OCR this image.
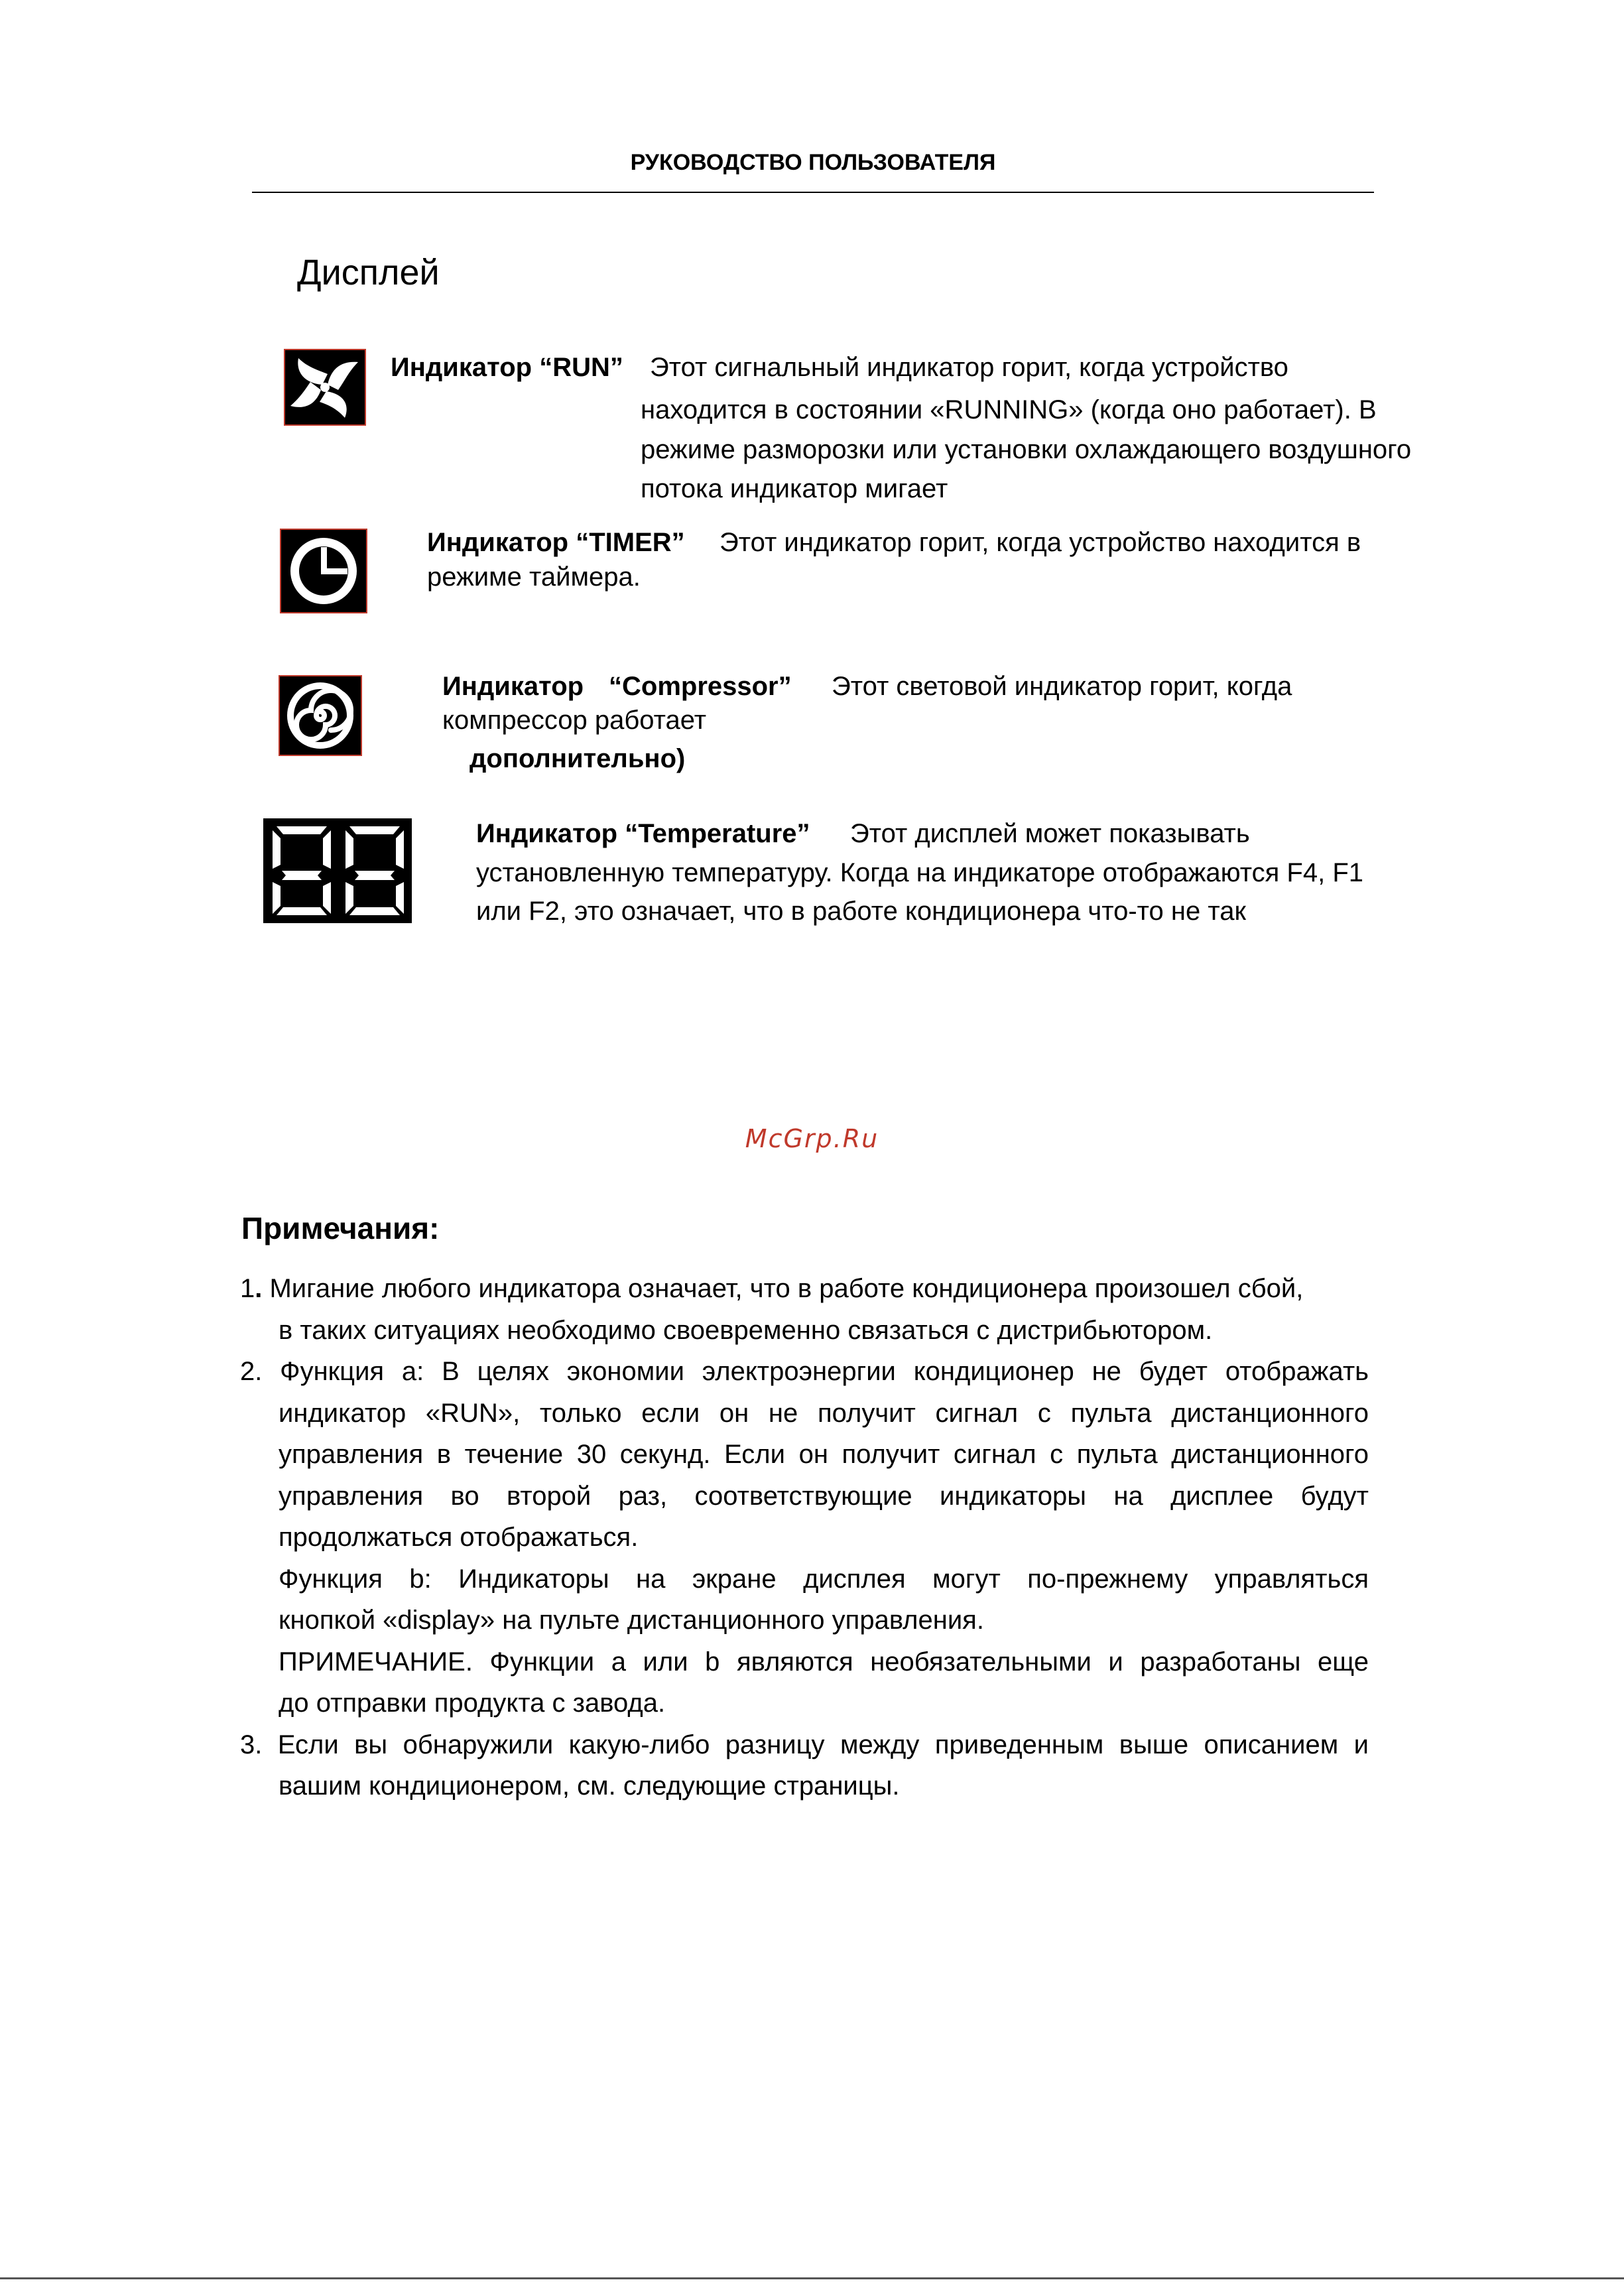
РУКОВОДСТВО ПОЛЬЗОВАТЕЛЯ
Дисплей
Индикатор “RUN” Этот сигнальный индикатор горит, когда устройство
находится в состоянии «RUNNING» (когда оно работает). В
режиме разморозки или установки охлаждающего воздушного
потока индикатор мигает
Индикатор “TIMER” Этот индикатор горит, когда устройство находится в
режиме таймера.
Индикатор “Compressor” Этот световой индикатор горит, когда
компрессор работает
дополнительно)
Индикатор “Temperature” Этот дисплей может показывать
установленную температуру. Когда на индикаторе отображаются F4, F1
или F2, это означает, что в работе кондиционера что-то не так
McGrp.Ru
Примечания:
1. Мигание любого индикатора означает, что в работе кондиционера произошел сбой,
в таких ситуациях необходимо своевременно связаться с дистрибьютором.
2. Функция a: В целях экономии электроэнергии кондиционер не будет отображать
индикатор «RUN», только если он не получит сигнал с пульта дистанционного
управления в течение 30 секунд. Если он получит сигнал с пульта дистанционного
управления во второй раз, соответствующие индикаторы на дисплее будут
продолжаться отображаться.
Функция b: Индикаторы на экране дисплея могут по-прежнему управляться
кнопкой «display» на пульте дистанционного управления.
ПРИМЕЧАНИЕ. Функции a или b являются необязательными и разработаны еще
до отправки продукта с завода.
3. Если вы обнаружили какую-либо разницу между приведенным выше описанием и
вашим кондиционером, см. следующие страницы.
